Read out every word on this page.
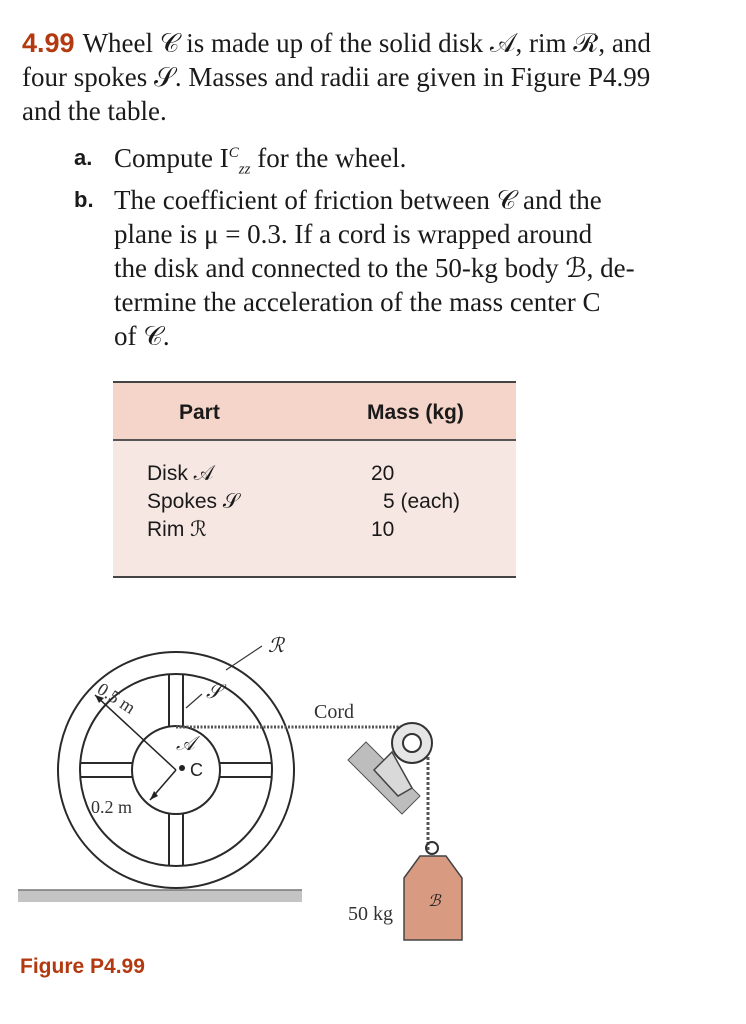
4.99 Wheel 𝒞 is made up of the solid disk 𝒜, rim ℛ, and
four spokes 𝒮. Masses and radii are given in Figure P4.99
and the table.
a. Compute $I^C_{zz}$ for the wheel.
b. The coefficient of friction between 𝒞 and the
plane is μ = 0.3. If a cord is wrapped around
the disk and connected to the 50-kg body ℬ, de-
termine the acceleration of the mass center C
of 𝒞.
Part	Mass (kg)
Disk 𝒜
Spokes 𝒮
Rim ℛ
20
5 (each)
10
ℛ
𝒮
𝒜
C
0.5 m
0.2 m
Cord
50 kg
ℬ
Figure P4.99
